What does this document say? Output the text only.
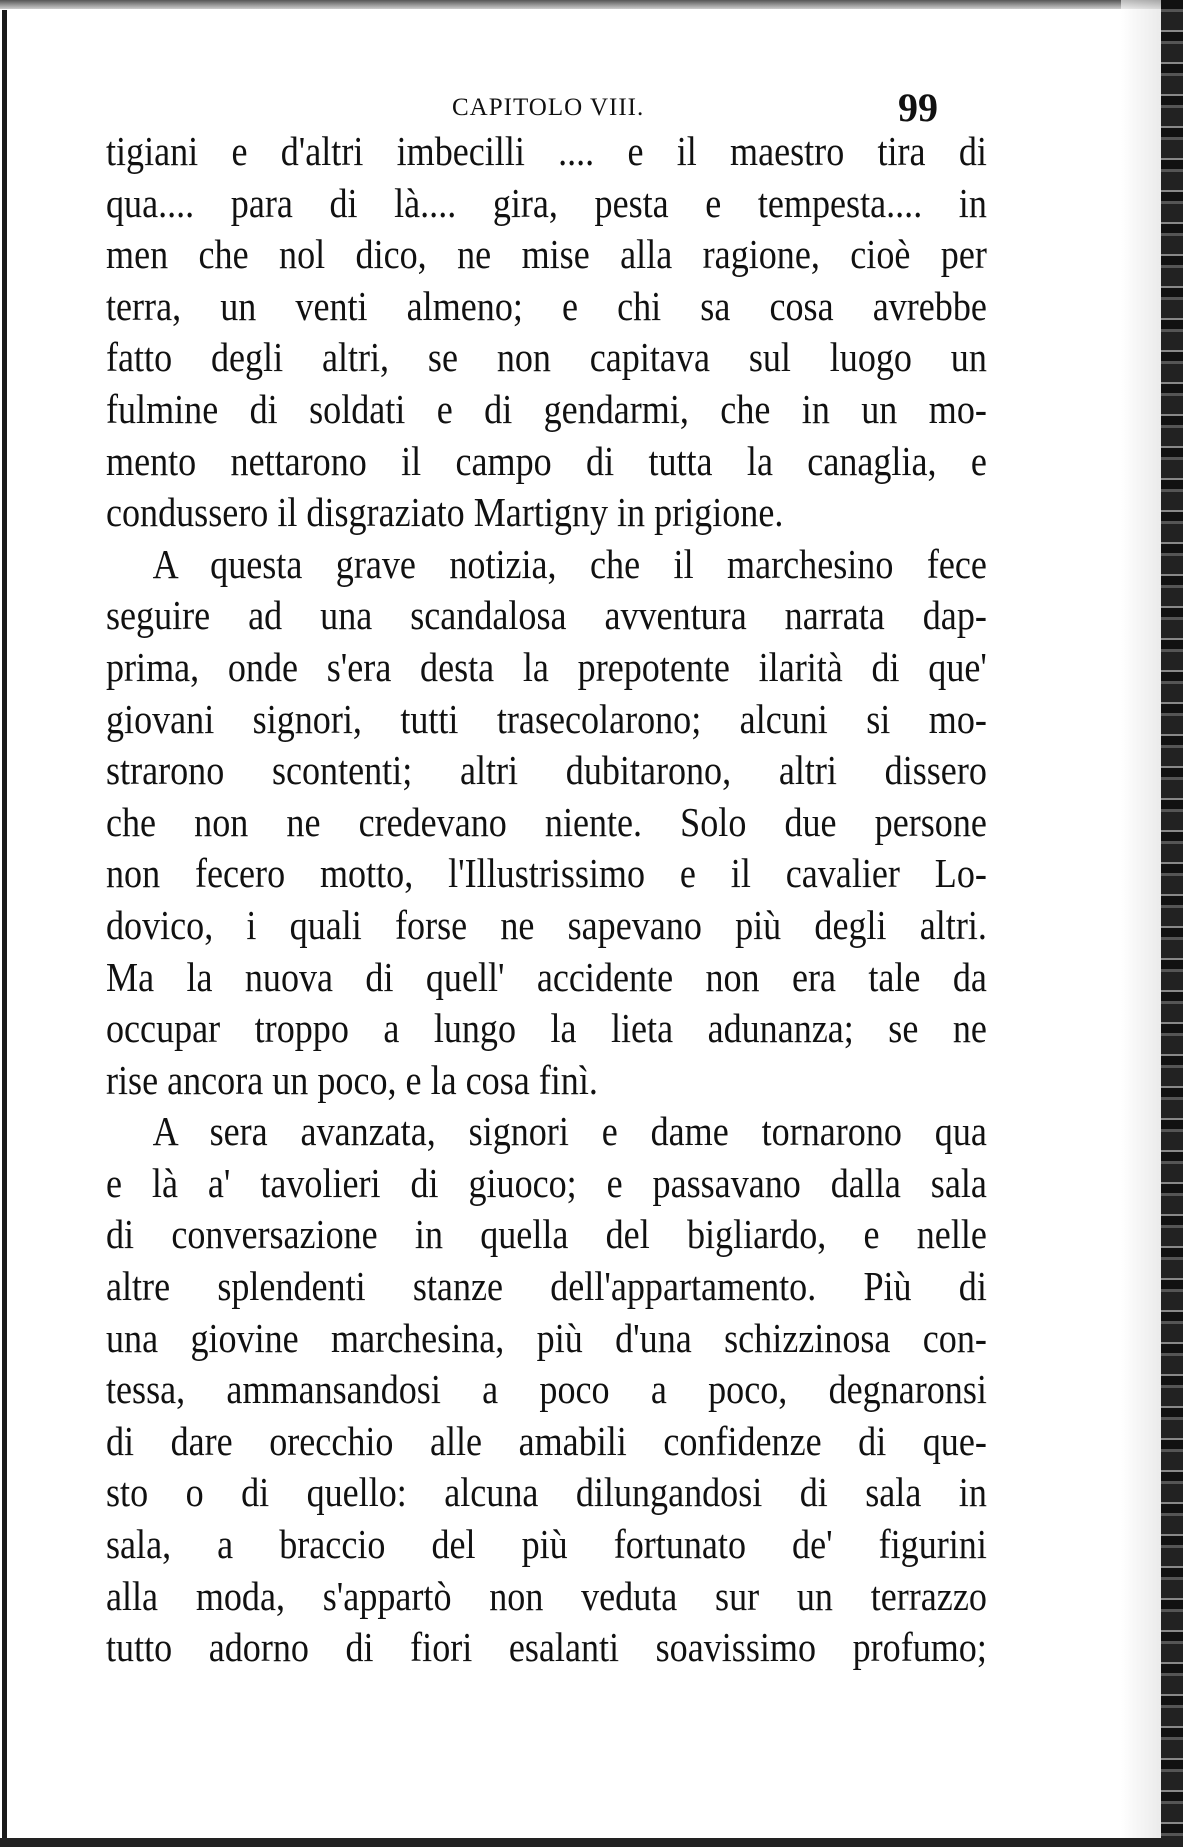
CAPITOLO VIII.	99
tigiani e d'altri imbecilli .... e il maestro tira di
qua.... para di là.... gira, pesta e tempesta.... in
men che nol dico, ne mise alla ragione, cioè per
terra, un venti almeno; e chi sa cosa avrebbe
fatto degli altri, se non capitava sul luogo un
fulmine di soldati e di gendarmi, che in un mo-
mento nettarono il campo di tutta la canaglia, e
condussero il disgraziato Martigny in prigione.
A questa grave notizia, che il marchesino fece
seguire ad una scandalosa avventura narrata dap-
prima, onde s'era desta la prepotente ilarità di que'
giovani signori, tutti trasecolarono; alcuni si mo-
strarono scontenti; altri dubitarono, altri dissero
che non ne credevano niente. Solo due persone
non fecero motto, l'Illustrissimo e il cavalier Lo-
dovico, i quali forse ne sapevano più degli altri.
Ma la nuova di quell' accidente non era tale da
occupar troppo a lungo la lieta adunanza; se ne
rise ancora un poco, e la cosa finì.
A sera avanzata, signori e dame tornarono qua
e là a' tavolieri di giuoco; e passavano dalla sala
di conversazione in quella del bigliardo, e nelle
altre splendenti stanze dell'appartamento. Più di
una giovine marchesina, più d'una schizzinosa con-
tessa, ammansandosi a poco a poco, degnaronsi
di dare orecchio alle amabili confidenze di que-
sto o di quello: alcuna dilungandosi di sala in
sala, a braccio del più fortunato de' figurini
alla moda, s'appartò non veduta sur un terrazzo
tutto adorno di fiori esalanti soavissimo profumo;
